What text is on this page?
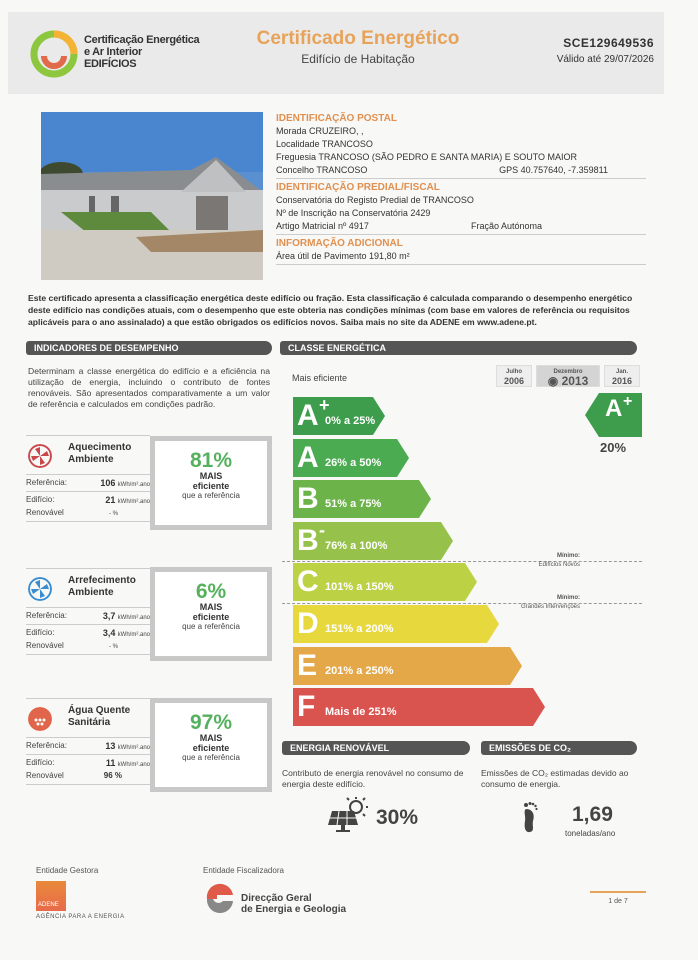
Certificação Energética
e Ar Interior
EDIFÍCIOS
Certificado Energético
Edifício de Habitação
SCE129649536
Válido até 29/07/2026
IDENTIFICAÇÃO POSTAL
Morada CRUZEIRO, ,
Localidade TRANCOSO
Freguesia TRANCOSO (SÃO PEDRO E SANTA MARIA) E SOUTO MAIOR
Concelho TRANCOSO	GPS 40.757640, -7.359811
IDENTIFICAÇÃO PREDIAL/FISCAL
Conservatória do Registo Predial de TRANCOSO
Nº de Inscrição na Conservatória 2429
Artigo Matricial nº 4917	Fração Autónoma
INFORMAÇÃO ADICIONAL
Área útil de Pavimento 191,80 m²
Este certificado apresenta a classificação energética deste edifício ou fração. Esta classificação é calculada comparando o desempenho energético deste edifício nas condições atuais, com o desempenho que este obteria nas condições mínimas (com base em valores de referência ou requisitos aplicáveis para o ano assinalado) a que estão obrigados os edifícios novos. Saiba mais no site da ADENE em www.adene.pt.
INDICADORES DE DESEMPENHO	CLASSE ENERGÉTICA
Determinam a classe energética do edifício e a eficiência na utilização de energia, incluindo o contributo de fontes renováveis. São apresentados comparativamente a um valor de referência e calculados em condições padrão.
Aquecimento
Ambiente
Referência:	106 kWh/m².ano
Edifício:	21 kWh/m².ano
Renovável	- %
81%
MAIS
eficiente
que a referência
Arrefecimento
Ambiente
Referência:	3,7 kWh/m².ano
Edifício:	3,4 kWh/m².ano
Renovável	- %
6%
MAIS
eficiente
que a referência
Água Quente
Sanitária
Referência:	13 kWh/m².ano
Edifício:	11 kWh/m².ano
Renovável	96 %
97%
MAIS
eficiente
que a referência
Mais eficiente
Julho
2006
Dezembro
◉ 2013
Jan.
2016
A +
0% a 25%
A 26% a 50%
B 51% a 75%
B -
76% a 100%
C 101% a 150%
D 151% a 200%
E 201% a 250%
F Mais de 251%
Mínimo:
Edifícios Novos
Mínimo:
Grandes Intervenções
A +
20%
ENERGIA RENOVÁVEL	EMISSÕES DE CO₂
Contributo de energia renovável no consumo de energia deste edifício.
Emissões de CO₂ estimadas devido ao consumo de energia.
30%	1,69
toneladas/ano
Entidade Gestora
ADENE
AGÊNCIA PARA A ENERGIA
Entidade Fiscalizadora
Direcção Geral
de Energia e Geologia
1 de 7
